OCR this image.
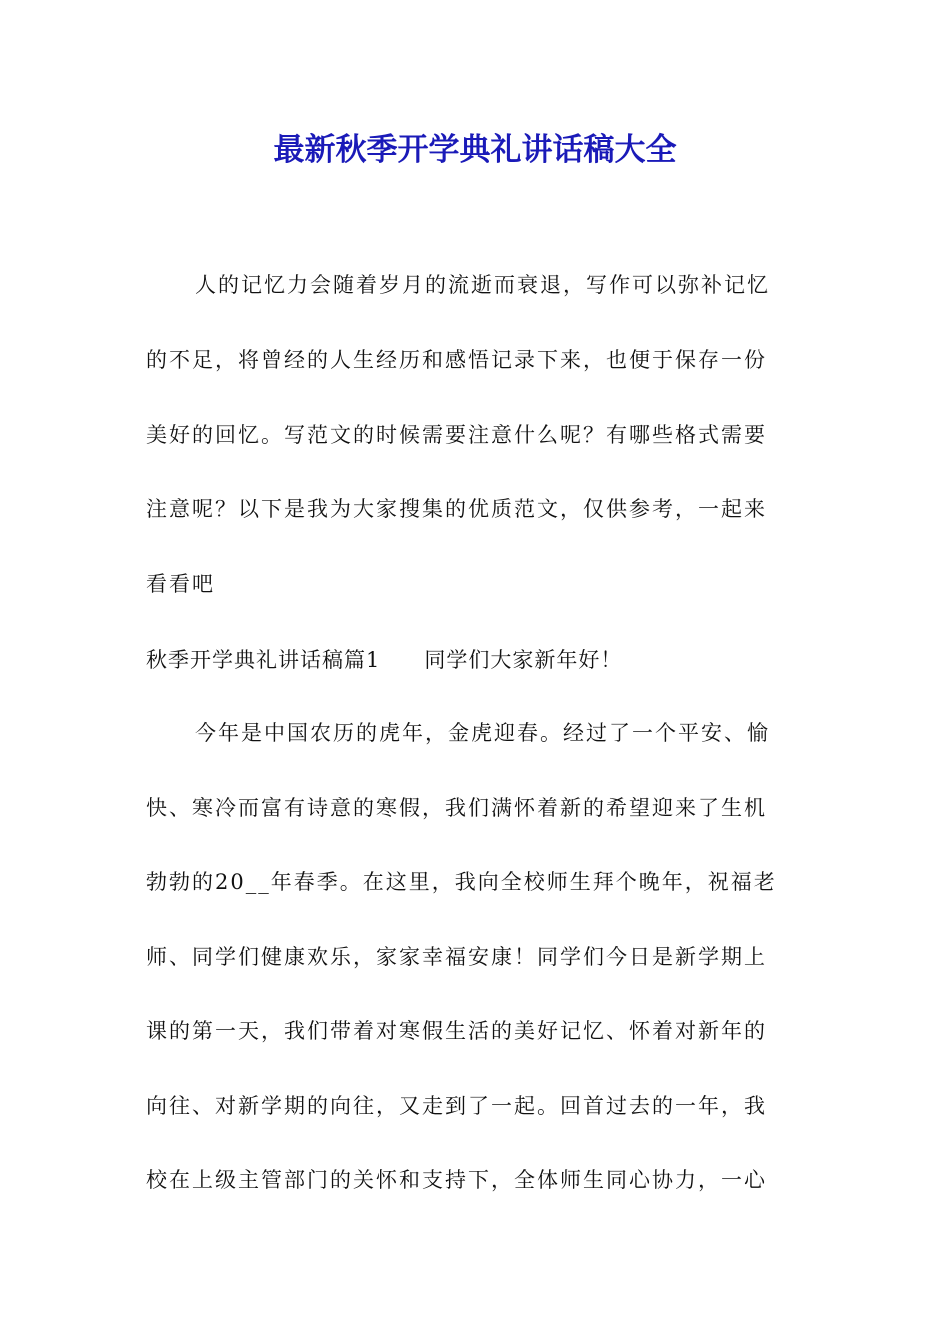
最新秋季开学典礼讲话稿大全
人的记忆力会随着岁月的流逝而衰退，写作可以弥补记忆
的不足，将曾经的人生经历和感悟记录下来，也便于保存一份
美好的回忆。写范文的时候需要注意什么呢？有哪些格式需要
注意呢？以下是我为大家搜集的优质范文，仅供参考，一起来
看看吧
秋季开学典礼讲话稿篇1 同学们大家新年好！
今年是中国农历的虎年，金虎迎春。经过了一个平安、愉
快、寒冷而富有诗意的寒假，我们满怀着新的希望迎来了生机
勃勃的20__年春季。在这里，我向全校师生拜个晚年，祝福老
师、同学们健康欢乐，家家幸福安康！同学们今日是新学期上
课的第一天，我们带着对寒假生活的美好记忆、怀着对新年的
向往、对新学期的向往，又走到了一起。回首过去的一年，我
校在上级主管部门的关怀和支持下，全体师生同心协力，一心
